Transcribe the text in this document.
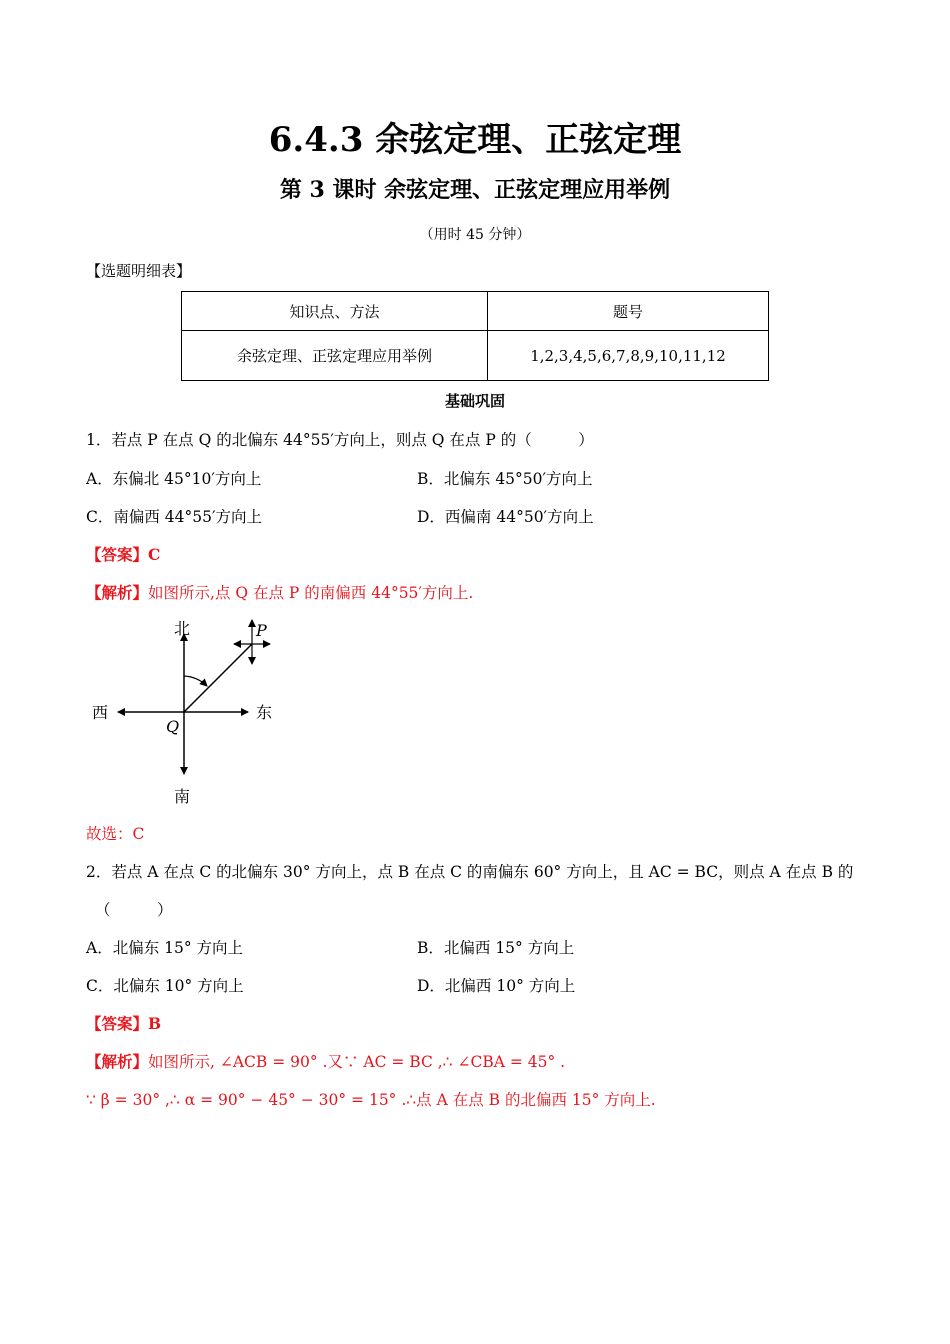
6.4.3 余弦定理、正弦定理
第 3 课时 余弦定理、正弦定理应用举例
（用时 45 分钟）
【选题明细表】
知识点、方法	题号
余弦定理、正弦定理应用举例	1,2,3,4,5,6,7,8,9,10,11,12
基础巩固
1．若点 P 在点 Q 的北偏东 44°55′方向上，则点 Q 在点 P 的（　　　）
A．东偏北 45°10′方向上	B．北偏东 45°50′方向上
C．南偏西 44°55′方向上	D．西偏南 44°50′方向上
【答案】C
【解析】如图所示,点 Q 在点 P 的南偏西 44°55′方向上.
北
南
西	东
Q
P
故选：C
2．若点 A 在点 C 的北偏东 30° 方向上，点 B 在点 C 的南偏东 60° 方向上，且 AC = BC，则点 A 在点 B 的
（　　　）
A．北偏东 15° 方向上	B．北偏西 15° 方向上
C．北偏东 10° 方向上	D．北偏西 10° 方向上
【答案】B
【解析】如图所示, ∠ACB = 90° .又∵ AC = BC ,∴ ∠CBA = 45° .
∵ β = 30° ,∴ α = 90° − 45° − 30° = 15° .∴点 A 在点 B 的北偏西 15° 方向上.
